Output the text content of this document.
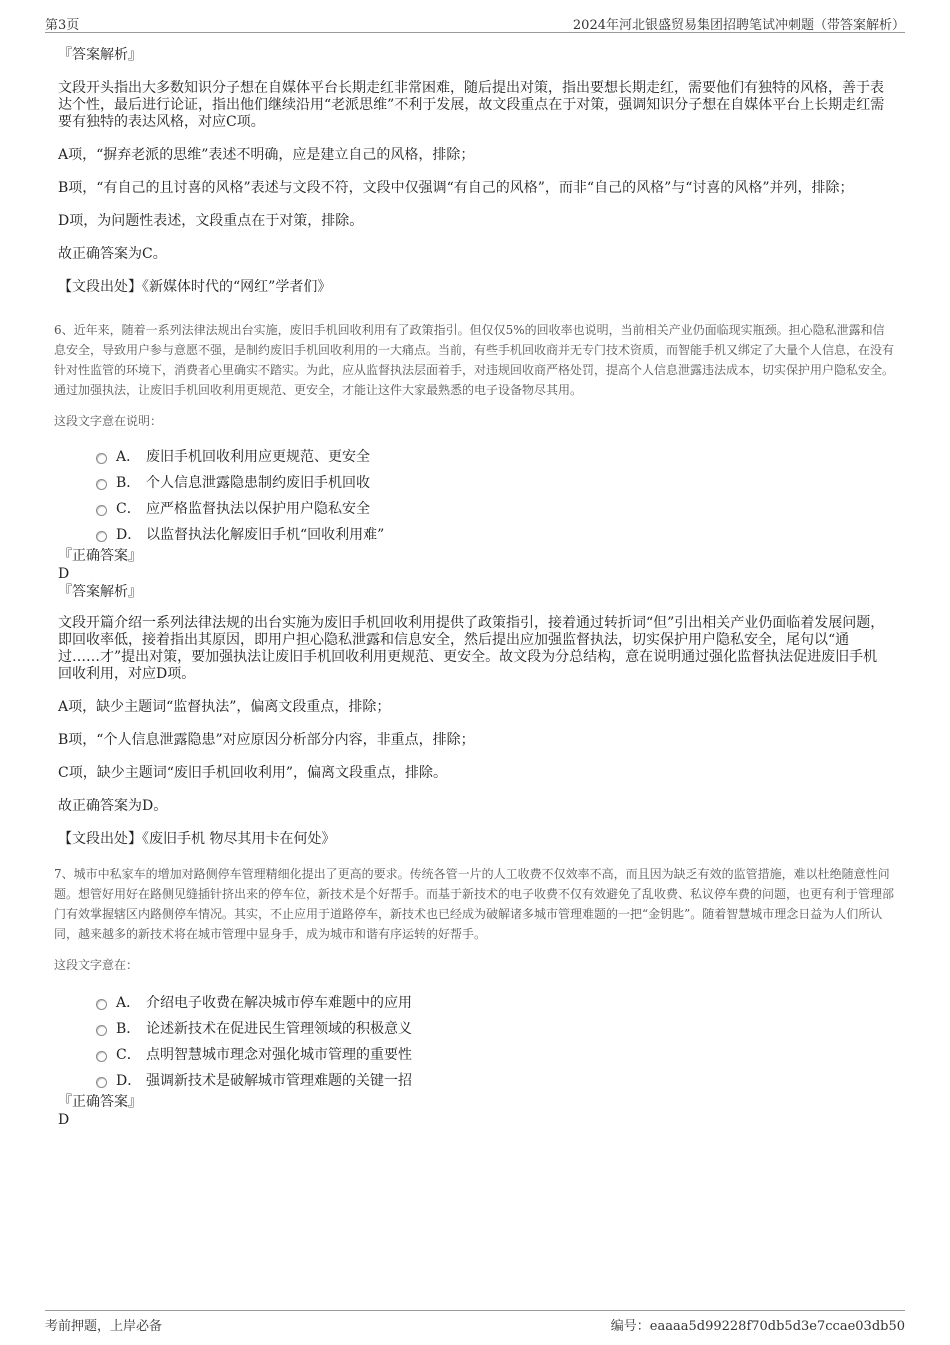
第3页	2024年河北银盛贸易集团招聘笔试冲刺题（带答案解析）
『答案解析』

文段开头指出大多数知识分子想在自媒体平台长期走红非常困难，随后提出对策，指出要想长期走红，需要他们有独特的风格，善于表达个性，最后进行论证，指出他们继续沿用“老派思维”不利于发展，故文段重点在于对策，强调知识分子想在自媒体平台上长期走红需要有独特的表达风格，对应C项。

A项，“摒弃老派的思维”表述不明确，应是建立自己的风格，排除；

B项，“有自己的且讨喜的风格”表述与文段不符，文段中仅强调“有自己的风格”，而非“自己的风格”与“讨喜的风格”并列，排除；

D项，为问题性表述，文段重点在于对策，排除。

故正确答案为C。

【文段出处】《新媒体时代的“网红”学者们》

6、近年来，随着一系列法律法规出台实施，废旧手机回收利用有了政策指引。但仅仅5%的回收率也说明，当前相关产业仍面临现实瓶颈。担心隐私泄露和信息安全，导致用户参与意愿不强，是制约废旧手机回收利用的一大痛点。当前，有些手机回收商并无专门技术资质，而智能手机又绑定了大量个人信息，在没有针对性监管的环境下，消费者心里确实不踏实。为此，应从监督执法层面着手，对违规回收商严格处罚，提高个人信息泄露违法成本，切实保护用户隐私安全。通过加强执法，让废旧手机回收利用更规范、更安全，才能让这件大家最熟悉的电子设备物尽其用。
这段文字意在说明：
A． 废旧手机回收利用应更规范、更安全
B． 个人信息泄露隐患制约废旧手机回收
C． 应严格监督执法以保护用户隐私安全
D． 以监督执法化解废旧手机“回收利用难”
『正确答案』
D
『答案解析』

文段开篇介绍一系列法律法规的出台实施为废旧手机回收利用提供了政策指引，接着通过转折词“但”引出相关产业仍面临着发展问题，即回收率低，接着指出其原因，即用户担心隐私泄露和信息安全，然后提出应加强监督执法，切实保护用户隐私安全，尾句以“通过……才”提出对策，要加强执法让废旧手机回收利用更规范、更安全。故文段为分总结构，意在说明通过强化监督执法促进废旧手机回收利用，对应D项。

A项，缺少主题词“监督执法”，偏离文段重点，排除；

B项，“个人信息泄露隐患”对应原因分析部分内容，非重点，排除；

C项，缺少主题词“废旧手机回收利用”，偏离文段重点，排除。

故正确答案为D。

【文段出处】《废旧手机 物尽其用卡在何处》

7、城市中私家车的增加对路侧停车管理精细化提出了更高的要求。传统各管一片的人工收费不仅效率不高，而且因为缺乏有效的监管措施，难以杜绝随意性问题。想管好用好在路侧见缝插针挤出来的停车位，新技术是个好帮手。而基于新技术的电子收费不仅有效避免了乱收费、私议停车费的问题，也更有利于管理部门有效掌握辖区内路侧停车情况。其实，不止应用于道路停车，新技术也已经成为破解诸多城市管理难题的一把“金钥匙”。随着智慧城市理念日益为人们所认同，越来越多的新技术将在城市管理中显身手，成为城市和谐有序运转的好帮手。
这段文字意在：
A． 介绍电子收费在解决城市停车难题中的应用
B． 论述新技术在促进民生管理领域的积极意义
C． 点明智慧城市理念对强化城市管理的重要性
D． 强调新技术是破解城市管理难题的关键一招
『正确答案』
D
考前押题，上岸必备	编号：eaaaa5d99228f70db5d3e7ccae03db50
